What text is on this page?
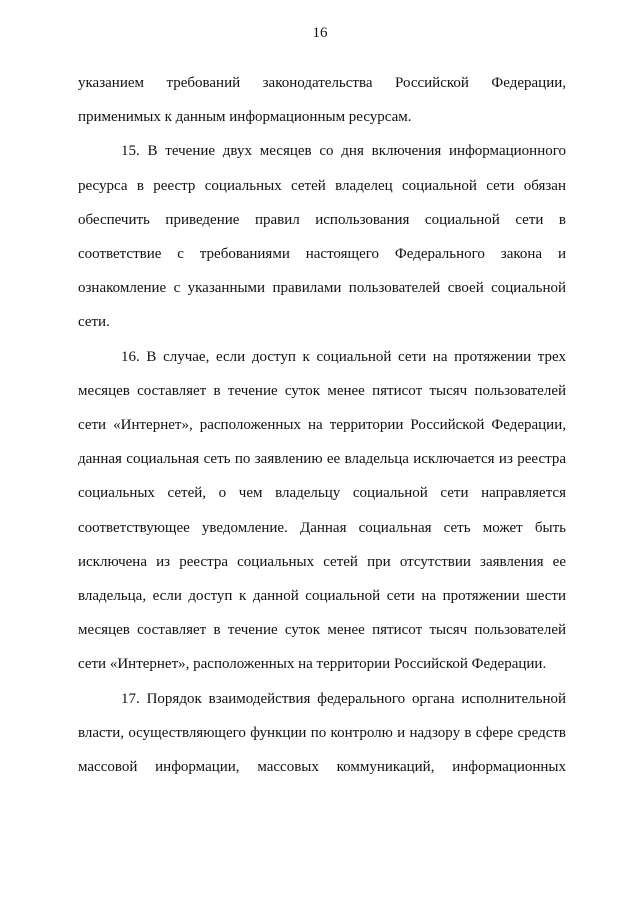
16

указанием требований законодательства Российской Федерации, применимых к данным информационным ресурсам.

15. В течение двух месяцев со дня включения информационного ресурса в реестр социальных сетей владелец социальной сети обязан обеспечить приведение правил использования социальной сети в соответствие с требованиями настоящего Федерального закона и ознакомление с указанными правилами пользователей своей социальной сети.

16. В случае, если доступ к социальной сети на протяжении трех месяцев составляет в течение суток менее пятисот тысяч пользователей сети «Интернет», расположенных на территории Российской Федерации, данная социальная сеть по заявлению ее владельца исключается из реестра социальных сетей, о чем владельцу социальной сети направляется соответствующее уведомление. Данная социальная сеть может быть исключена из реестра социальных сетей при отсутствии заявления ее владельца, если доступ к данной социальной сети на протяжении шести месяцев составляет в течение суток менее пятисот тысяч пользователей сети «Интернет», расположенных на территории Российской Федерации.

17. Порядок взаимодействия федерального органа исполнительной власти, осуществляющего функции по контролю и надзору в сфере средств массовой информации, массовых коммуникаций, информационных
